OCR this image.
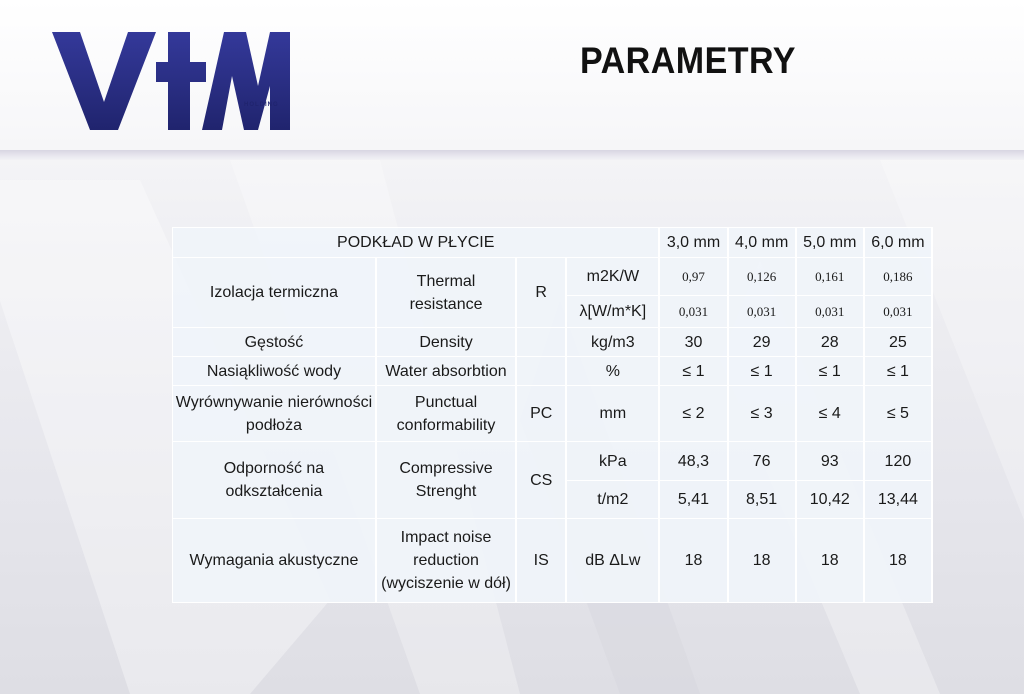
HOLDING
PARAMETRY
PODKŁAD W PŁYCIE				3,0 mm	4,0 mm	5,0 mm	6,0 mm
Izolacja termiczna	Thermal resistance	R	m2K/W	0,97	0,126	0,161	0,186
			λ[W/m*K]	0,031	0,031	0,031	0,031
Gęstość	Density		kg/m3	30	29	28	25
Nasiąkliwość wody	Water absorbtion		%	≤ 1	≤ 1	≤ 1	≤ 1
Wyrównywanie nierówności podłoża	Punctual conformability	PC	mm	≤ 2	≤ 3	≤ 4	≤ 5
Odporność na odkształcenia	Compressive Strenght	CS	kPa	48,3	76	93	120
			t/m2	5,41	8,51	10,42	13,44
Wymagania akustyczne	Impact noise reduction (wyciszenie w dół)	IS	dB ΔLw	18	18	18	18
